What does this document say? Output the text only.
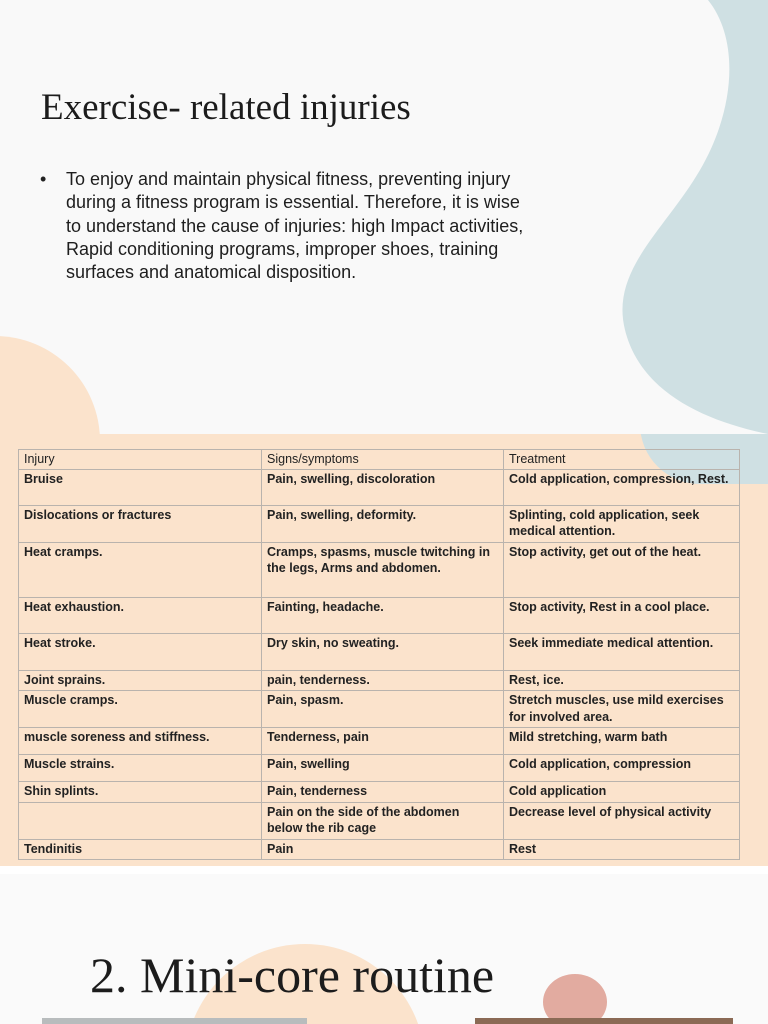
Exercise- related injuries
• To enjoy and maintain physical fitness, preventing injury during a fitness program is essential. Therefore, it is wise to understand the cause of injuries: high Impact activities, Rapid conditioning programs, improper shoes, training surfaces and anatomical disposition.
Injury	Signs/symptoms	Treatment
Bruise	Pain, swelling, discoloration	Cold application, compression, Rest.
Dislocations or fractures	Pain, swelling, deformity.	Splinting, cold application, seek medical attention.
Heat cramps.	Cramps, spasms, muscle twitching in the legs, Arms and abdomen.	Stop activity, get out of the heat.
Heat exhaustion.	Fainting, headache.	Stop activity, Rest in a cool place.
Heat stroke.	Dry skin, no sweating.	Seek immediate medical attention.
Joint sprains.	pain, tenderness.	Rest, ice.
Muscle cramps.	Pain, spasm.	Stretch muscles, use mild exercises for involved area.
muscle soreness and stiffness.	Tenderness, pain	Mild stretching, warm bath
Muscle strains.	Pain, swelling	Cold application, compression
Shin splints.	Pain, tenderness	Cold application
	Pain on the side of the abdomen below the rib cage	Decrease level of physical activity
Tendinitis	Pain	Rest
2. Mini-core routine
